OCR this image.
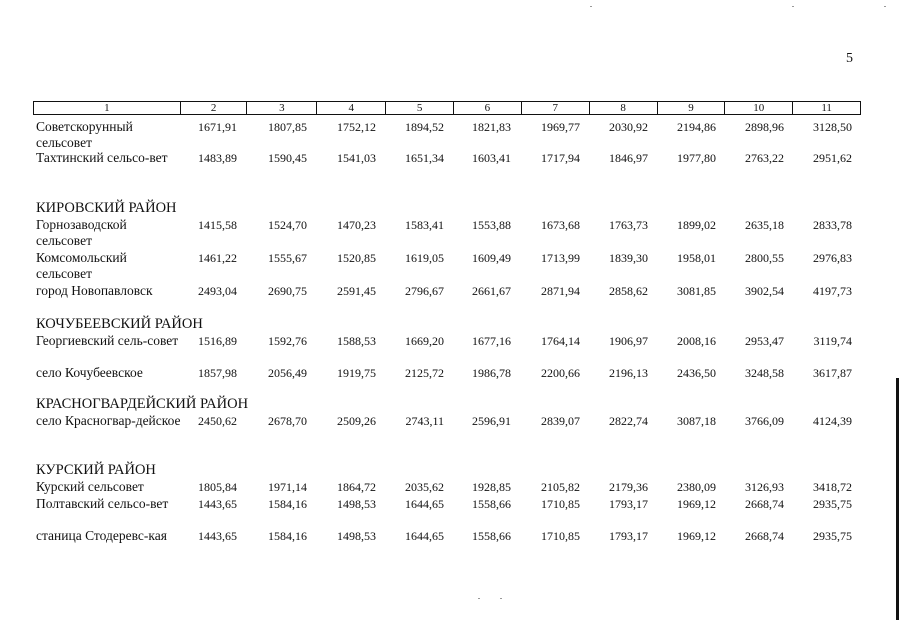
5
1	2	3	4	5	6	7	8	9	10	11
Советскорунный сельсовет
1671,91	1807,85	1752,12	1894,52	1821,83	1969,77	2030,92	2194,86	2898,96	3128,50
Тахтинский сельсо-вет	1483,89	1590,45	1541,03	1651,34	1603,41	1717,94	1846,97	1977,80	2763,22	2951,62
КИРОВСКИЙ РАЙОН
Горнозаводской сельсовет
1415,58	1524,70	1470,23	1583,41	1553,88	1673,68	1763,73	1899,02	2635,18	2833,78
Комсомольский сельсовет
1461,22	1555,67	1520,85	1619,05	1609,49	1713,99	1839,30	1958,01	2800,55	2976,83
город Новопавловск	2493,04	2690,75	2591,45	2796,67	2661,67	2871,94	2858,62	3081,85	3902,54	4197,73
КОЧУБЕЕВСКИЙ РАЙОН
Георгиевский сель-совет	1516,89	1592,76	1588,53	1669,20	1677,16	1764,14	1906,97	2008,16	2953,47	3119,74
село Кочубеевское	1857,98	2056,49	1919,75	2125,72	1986,78	2200,66	2196,13	2436,50	3248,58	3617,87
КРАСНОГВАРДЕЙСКИЙ РАЙОН
село Красногвар-дейское	2450,62	2678,70	2509,26	2743,11	2596,91	2839,07	2822,74	3087,18	3766,09	4124,39
КУРСКИЙ РАЙОН
Курский сельсовет	1805,84	1971,14	1864,72	2035,62	1928,85	2105,82	2179,36	2380,09	3126,93	3418,72
Полтавский сельсо-вет	1443,65	1584,16	1498,53	1644,65	1558,66	1710,85	1793,17	1969,12	2668,74	2935,75
станица Стодеревс-кая	1443,65	1584,16	1498,53	1644,65	1558,66	1710,85	1793,17	1969,12	2668,74	2935,75
